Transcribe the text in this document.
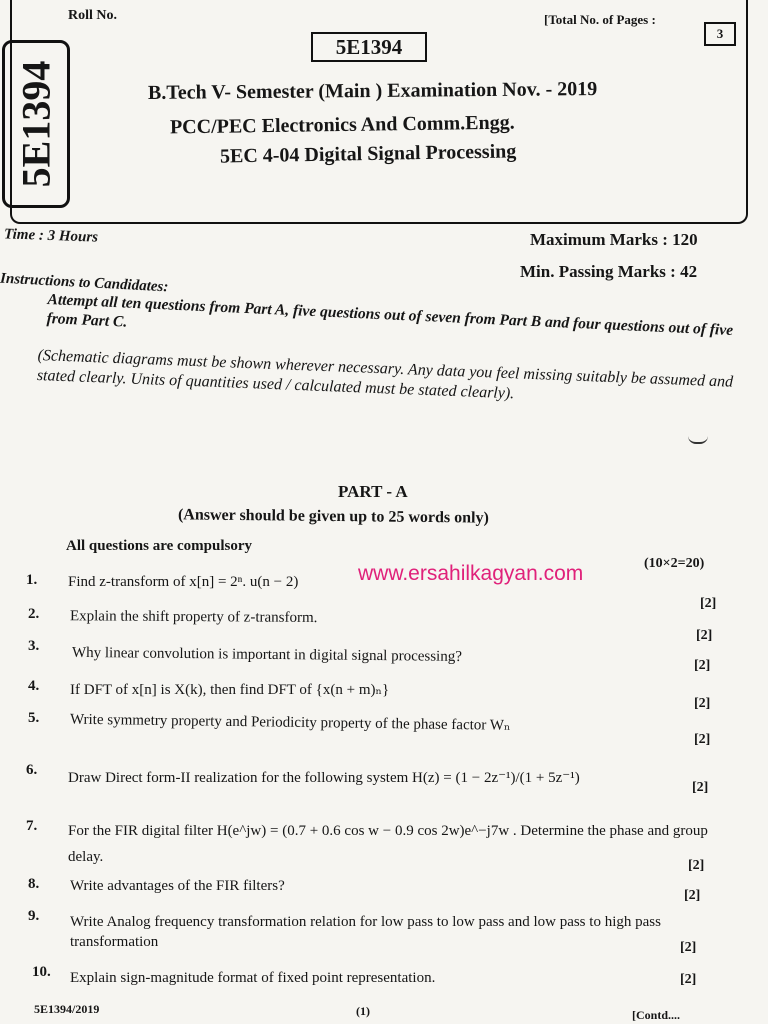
5E1394
Roll No.	[Total No. of Pages :
3
5E1394
B.Tech V- Semester (Main ) Examination Nov. - 2019
PCC/PEC Electronics And Comm.Engg.
5EC 4-04 Digital Signal Processing
Time : 3 Hours	Maximum Marks : 120
Min. Passing Marks : 42
Instructions to Candidates:
Attempt all ten questions from Part A, five questions out of seven from Part B and four questions out of five from Part C.
(Schematic diagrams must be shown wherever necessary. Any data you feel missing suitably be assumed and stated clearly. Units of quantities used / calculated must be stated clearly).
PART - A
(Answer should be given up to 25 words only)
All questions are compulsory
(10×2=20)
www.ersahilkagyan.com
1. Find z-transform of x[n] = 2ⁿ. u(n − 2)
[2]
2. Explain the shift property of z-transform.
[2]
3. Why linear convolution is important in digital signal processing?
[2]
4. If DFT of x[n] is X(k), then find DFT of {x(n + m)ₙ}
[2]
5. Write symmetry property and Periodicity property of the phase factor Wₙ
[2]
6. Draw Direct form-II realization for the following system H(z) = (1 − 2z⁻¹)/(1 + 5z⁻¹)
[2]
7. For the FIR digital filter H(e^jw) = (0.7 + 0.6 cos w − 0.9 cos 2w)e^−j7w . Determine the phase and group delay.
[2]
8. Write advantages of the FIR filters?
[2]
9. Write Analog frequency transformation relation for low pass to low pass and low pass to high pass transformation	[2]
10. Explain sign-magnitude format of fixed point representation.	[2]
5E1394/2019	(1)	[Contd....
